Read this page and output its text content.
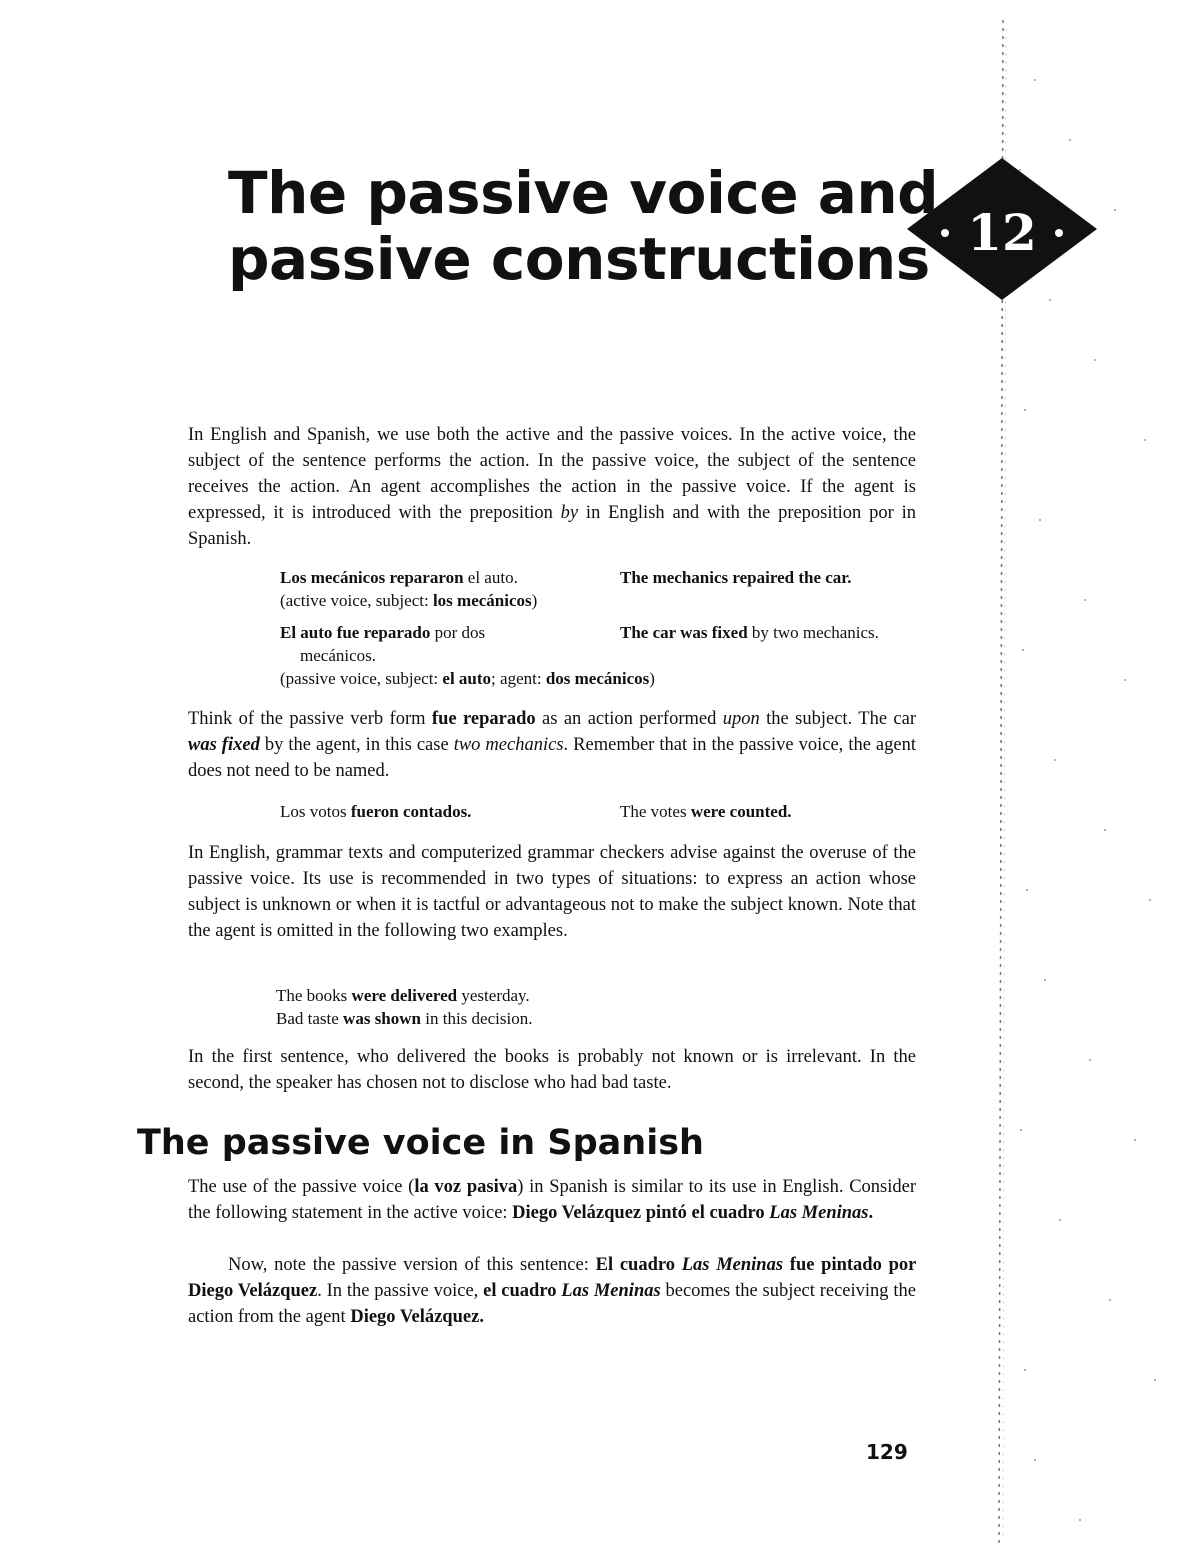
The passive voice and
passive constructions 12

In English and Spanish, we use both the active and the passive voices. In the active voice, the subject of the sentence performs the action. In the passive voice, the subject of the sentence receives the action. An agent accomplishes the action in the passive voice. If the agent is expressed, it is introduced with the preposition by in English and with the preposition por in Spanish.

Los mecánicos repararon el auto.
(active voice, subject: los mecánicos)
The mechanics repaired the car.
El auto fue reparado por dos
mecánicos.
(passive voice, subject: el auto; agent: dos mecánicos)
The car was fixed by two mechanics.

Think of the passive verb form fue reparado as an action performed upon the subject. The car was fixed by the agent, in this case two mechanics. Remember that in the passive voice, the agent does not need to be named.

Los votos fueron contados.	The votes were counted.

In English, grammar texts and computerized grammar checkers advise against the overuse of the passive voice. Its use is recommended in two types of situations: to express an action whose subject is unknown or when it is tactful or advantageous not to make the subject known. Note that the agent is omitted in the following two examples.

The books were delivered yesterday.
Bad taste was shown in this decision.

In the first sentence, who delivered the books is probably not known or is irrelevant. In the second, the speaker has chosen not to disclose who had bad taste.

The passive voice in Spanish

The use of the passive voice (la voz pasiva) in Spanish is similar to its use in English. Consider the following statement in the active voice: Diego Velázquez pintó el cuadro Las Meninas.

Now, note the passive version of this sentence: El cuadro Las Meninas fue pintado por Diego Velázquez. In the passive voice, el cuadro Las Meninas becomes the subject receiving the action from the agent Diego Velázquez.

129
